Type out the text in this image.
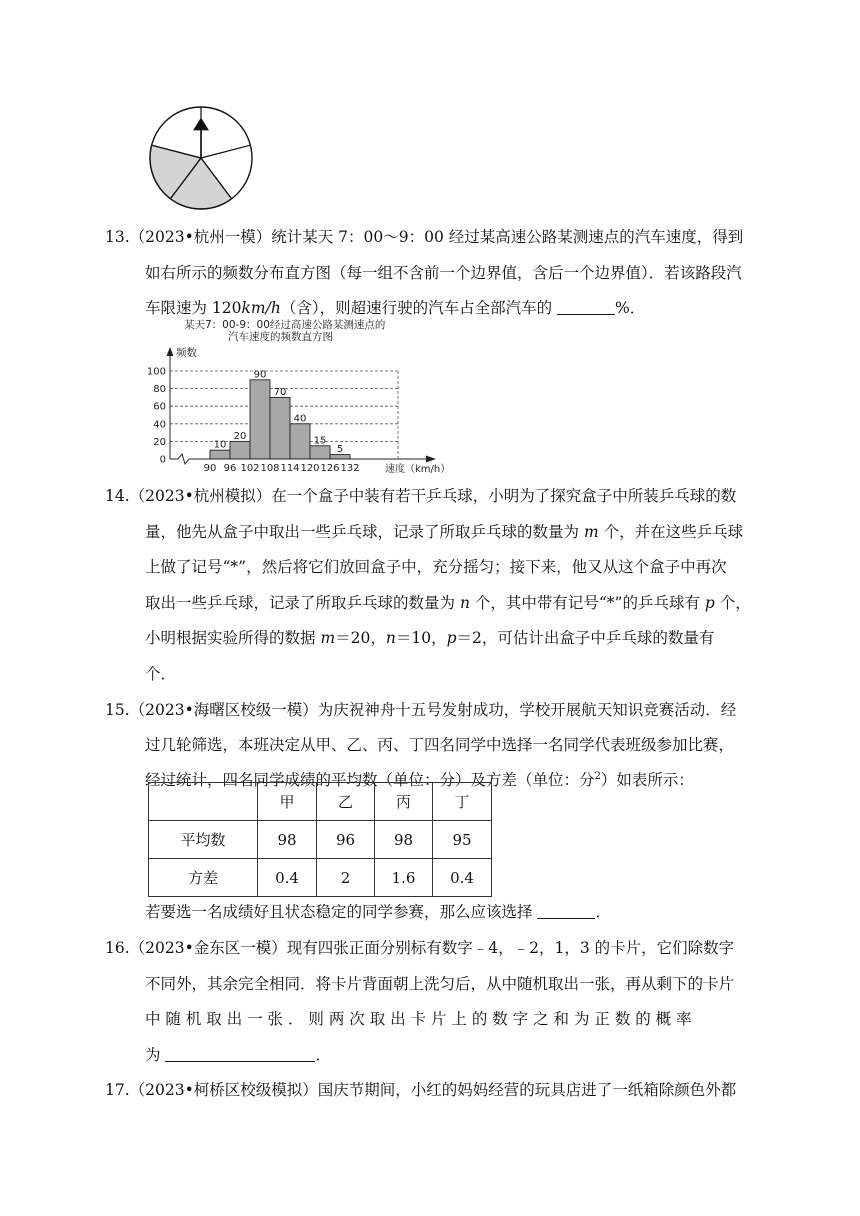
13.（2023•杭州一模）统计某天 7：00～9：00 经过某高速公路某测速点的汽车速度，得到
如右所示的频数分布直方图（每一组不含前一个边界值，含后一个边界值）．若该路段汽
车限速为 120km/h（含），则超速行驶的汽车占全部汽车的	%．
某天7：00-9：00经过高速公路某测速点的
汽车速度的频数直方图
0
20
40
60
80
100
10
20
90
70
40
15
5
90 96 102 108 114 120 126 132
频数
速度（km/h）
14.（2023•杭州模拟）在一个盒子中装有若干乒乓球，小明为了探究盒子中所装乒乓球的数
量，他先从盒子中取出一些乒乓球，记录了所取乒乓球的数量为 m 个，并在这些乒乓球
上做了记号“*”，然后将它们放回盒子中，充分摇匀；接下来，他又从这个盒子中再次
取出一些乒乓球，记录了所取乒乓球的数量为 n 个，其中带有记号“*”的乒乓球有 p 个，
小明根据实验所得的数据 m＝20，n＝10，p＝2，可估计出盒子中乒乓球的数量有
个．
15.（2023•海曙区校级一模）为庆祝神舟十五号发射成功，学校开展航天知识竞赛活动．经
过几轮筛选，本班决定从甲、乙、丙、丁四名同学中选择一名同学代表班级参加比赛，
经过统计，四名同学成绩的平均数（单位：分）及方差（单位：分$^2$）如表所示：
	甲	乙	丙	丁
平均数	98	96	98	95
方差	0.4	2	1.6	0.4
若要选一名成绩好且状态稳定的同学参赛，那么应该选择	．
16.（2023•金东区一模）现有四张正面分别标有数字﹣4，﹣2，1，3 的卡片，它们除数字
不同外，其余完全相同．将卡片背面朝上洗匀后，从中随机取出一张，再从剩下的卡片
中 随 机 取 出 一 张 ． 则 两 次 取 出 卡 片 上 的 数 字 之 和 为 正 数 的 概 率
为	．
17.（2023•柯桥区校级模拟）国庆节期间，小红的妈妈经营的玩具店进了一纸箱除颜色外都
